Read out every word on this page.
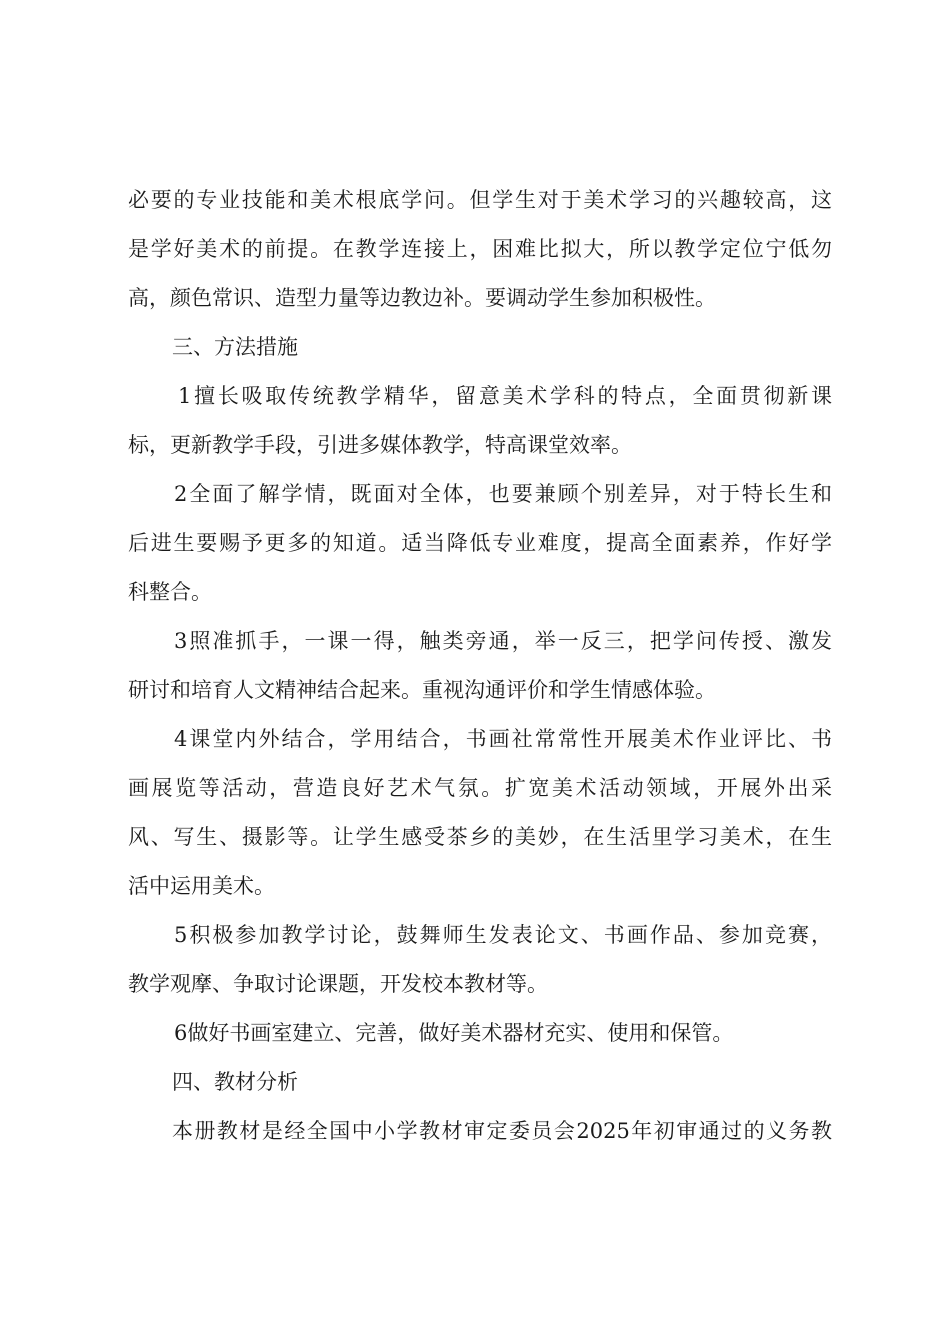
必要的专业技能和美术根底学问。但学生对于美术学习的兴趣较高，这
是学好美术的前提。在教学连接上，困难比拟大，所以教学定位宁低勿
高，颜色常识、造型力量等边教边补。要调动学生参加积极性。
三、方法措施
1擅长吸取传统教学精华，留意美术学科的特点，全面贯彻新课
标，更新教学手段，引进多媒体教学，特高课堂效率。
2全面了解学情，既面对全体，也要兼顾个别差异，对于特长生和
后进生要赐予更多的知道。适当降低专业难度，提高全面素养，作好学
科整合。
3照准抓手，一课一得，触类旁通，举一反三，把学问传授、激发
研讨和培育人文精神结合起来。重视沟通评价和学生情感体验。
4课堂内外结合，学用结合，书画社常常性开展美术作业评比、书
画展览等活动，营造良好艺术气氛。扩宽美术活动领域，开展外出采
风、写生、摄影等。让学生感受茶乡的美妙，在生活里学习美术，在生
活中运用美术。
5积极参加教学讨论，鼓舞师生发表论文、书画作品、参加竞赛，
教学观摩、争取讨论课题，开发校本教材等。
6做好书画室建立、完善，做好美术器材充实、使用和保管。
四、教材分析
本册教材是经全国中小学教材审定委员会2025年初审通过的义务教
